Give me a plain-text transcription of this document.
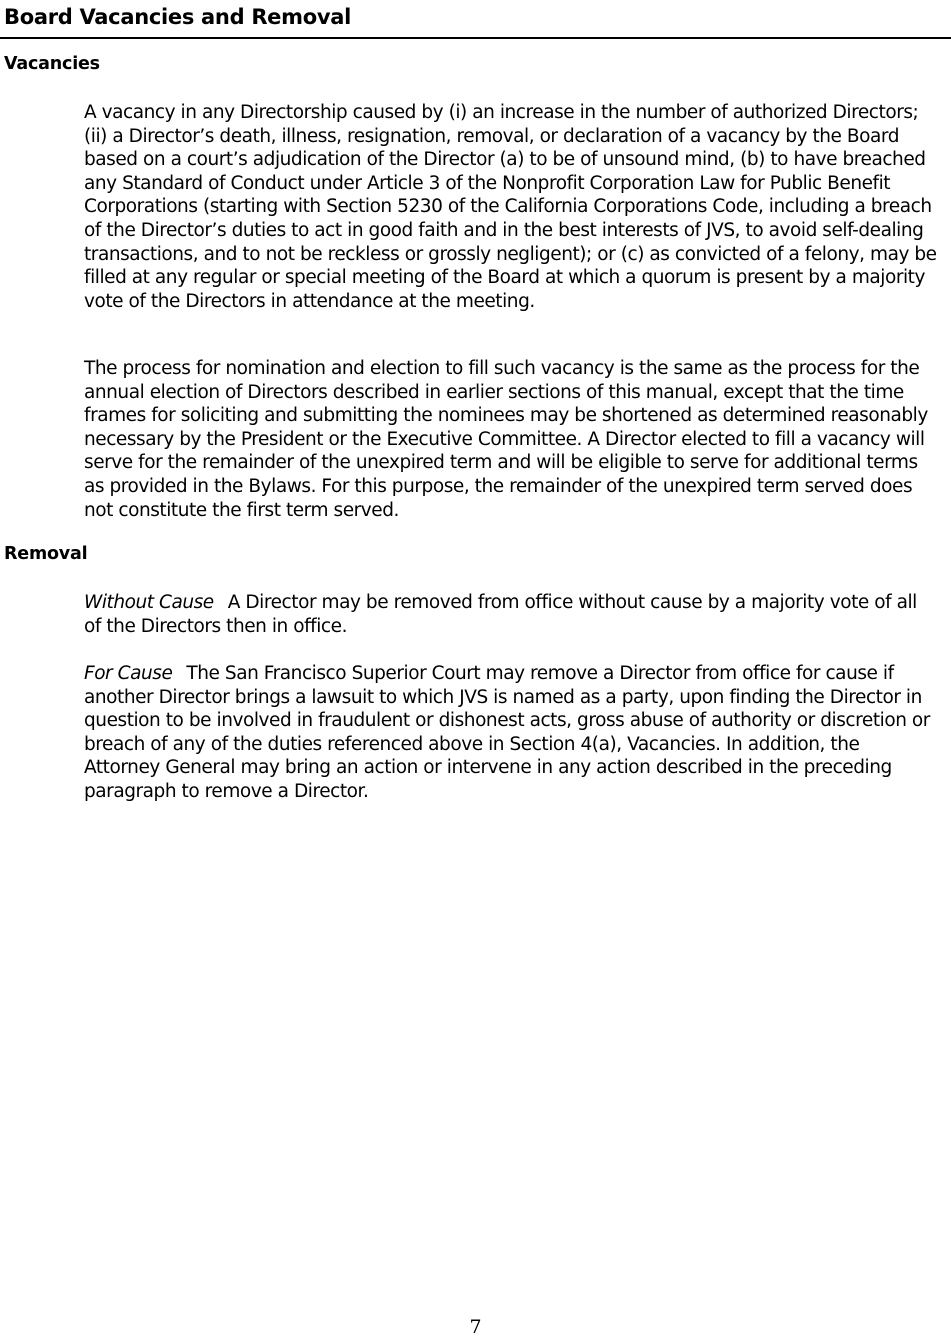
Board Vacancies and Removal
Vacancies

A vacancy in any Directorship caused by (i) an increase in the number of authorized Directors; (ii) a Director’s death, illness, resignation, removal, or declaration of a vacancy by the Board based on a court’s adjudication of the Director (a) to be of unsound mind, (b) to have breached any Standard of Conduct under Article 3 of the Nonprofit Corporation Law for Public Benefit Corporations (starting with Section 5230 of the California Corporations Code, including a breach of the Director’s duties to act in good faith and in the best interests of JVS, to avoid self-dealing transactions, and to not be reckless or grossly negligent); or (c) as convicted of a felony, may be filled at any regular or special meeting of the Board at which a quorum is present by a majority vote of the Directors in attendance at the meeting.

The process for nomination and election to fill such vacancy is the same as the process for the annual election of Directors described in earlier sections of this manual, except that the time frames for soliciting and submitting the nominees may be shortened as determined reasonably necessary by the President or the Executive Committee. A Director elected to fill a vacancy will serve for the remainder of the unexpired term and will be eligible to serve for additional terms as provided in the Bylaws. For this purpose, the remainder of the unexpired term served does not constitute the first term served.

Removal

Without Cause A Director may be removed from office without cause by a majority vote of all of the Directors then in office.

For Cause The San Francisco Superior Court may remove a Director from office for cause if another Director brings a lawsuit to which JVS is named as a party, upon finding the Director in question to be involved in fraudulent or dishonest acts, gross abuse of authority or discretion or breach of any of the duties referenced above in Section 4(a), Vacancies. In addition, the Attorney General may bring an action or intervene in any action described in the preceding paragraph to remove a Director.

7
